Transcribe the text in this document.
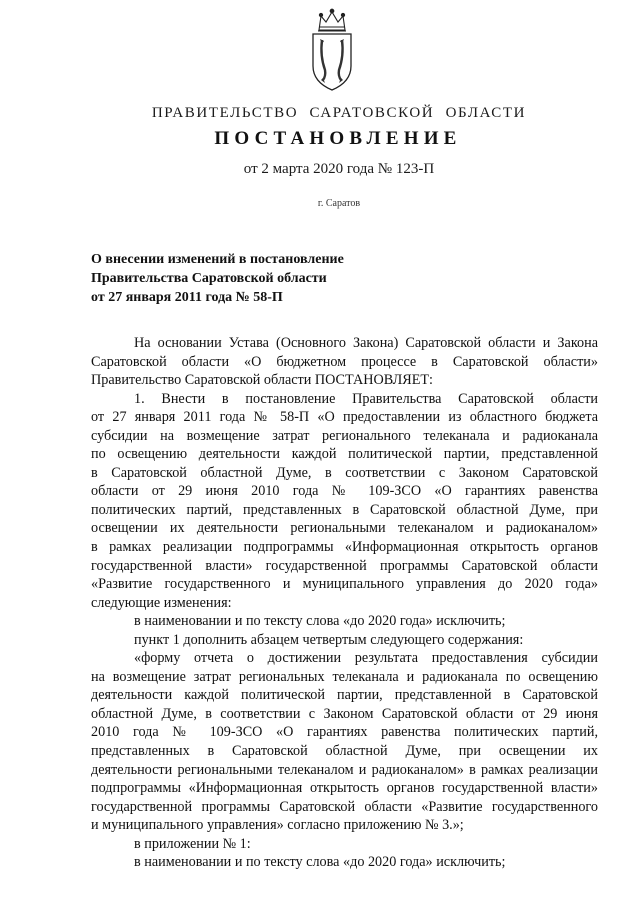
ПРАВИТЕЛЬСТВО САРАТОВСКОЙ ОБЛАСТИ
ПОСТАНОВЛЕНИЕ
от 2 марта 2020 года № 123-П
г. Саратов
О внесении изменений в постановление
Правительства Саратовской области
от 27 января 2011 года № 58-П

На основании Устава (Основного Закона) Саратовской области и Закона

Саратовской области «О бюджетном процессе в Саратовской области»

Правительство Саратовской области ПОСТАНОВЛЯЕТ:

1. Внести в постановление Правительства Саратовской области

от 27 января 2011 года № 58-П «О предоставлении из областного бюджета

субсидии на возмещение затрат регионального телеканала и радиоканала

по освещению деятельности каждой политической партии, представленной

в Саратовской областной Думе, в соответствии с Законом Саратовской

области от 29 июня 2010 года № 109-ЗСО «О гарантиях равенства

политических партий, представленных в Саратовской областной Думе, при

освещении их деятельности региональными телеканалом и радиоканалом»

в рамках реализации подпрограммы «Информационная открытость органов

государственной власти» государственной программы Саратовской области

«Развитие государственного и муниципального управления до 2020 года»

следующие изменения:

в наименовании и по тексту слова «до 2020 года» исключить;

пункт 1 дополнить абзацем четвертым следующего содержания:

«форму отчета о достижении результата предоставления субсидии

на возмещение затрат региональных телеканала и радиоканала по освещению

деятельности каждой политической партии, представленной в Саратовской

областной Думе, в соответствии с Законом Саратовской области от 29 июня

2010 года № 109-ЗСО «О гарантиях равенства политических партий,

представленных в Саратовской областной Думе, при освещении их

деятельности региональными телеканалом и радиоканалом» в рамках реализации

подпрограммы «Информационная открытость органов государственной власти»

государственной программы Саратовской области «Развитие государственного

и муниципального управления» согласно приложению № 3.»;

в приложении № 1:

в наименовании и по тексту слова «до 2020 года» исключить;
